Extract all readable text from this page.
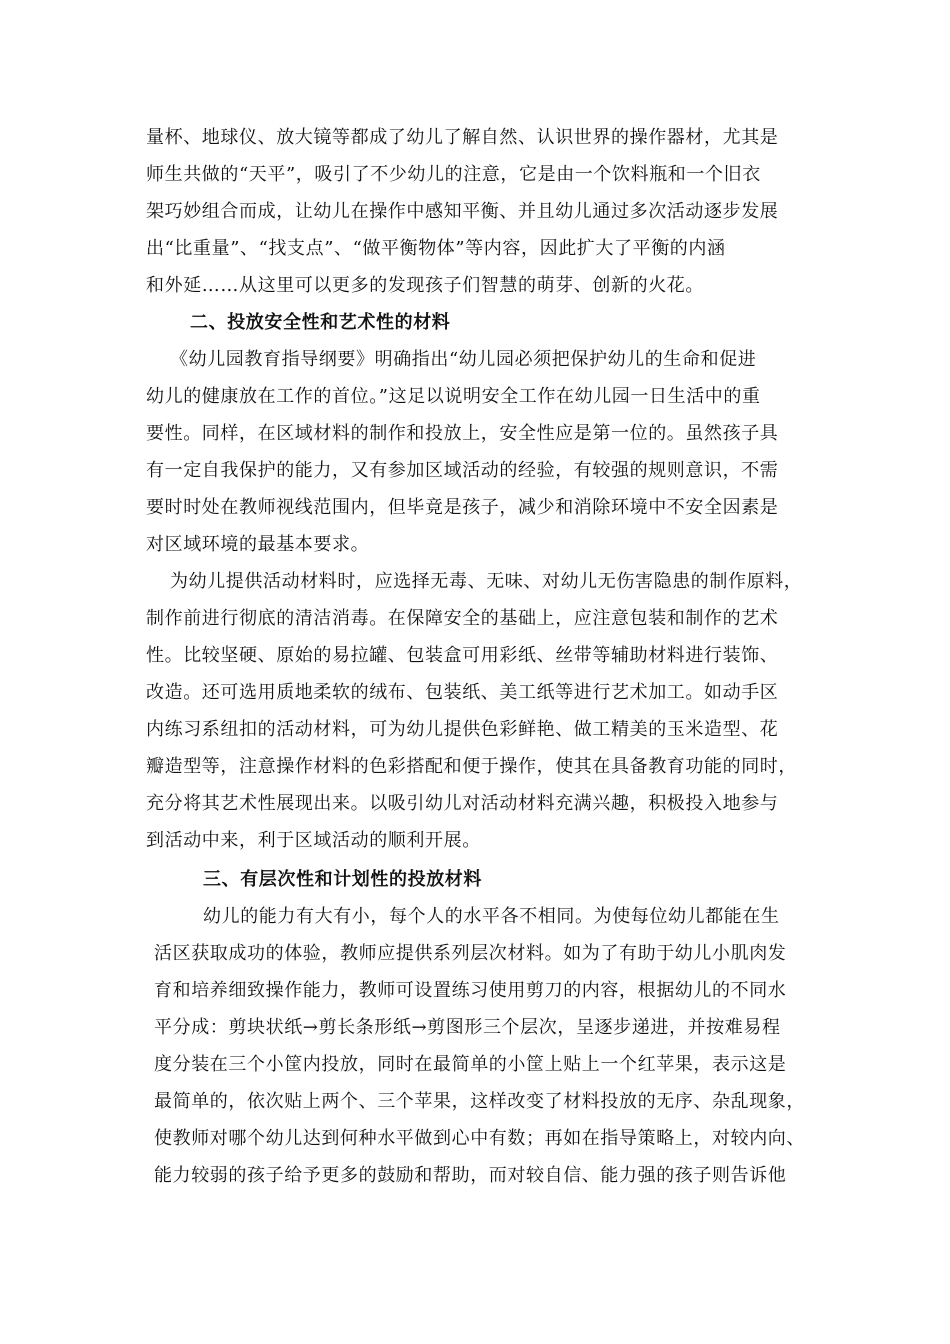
量杯、地球仪、放大镜等都成了幼儿了解自然、认识世界的操作器材，尤其是
师生共做的“天平”，吸引了不少幼儿的注意，它是由一个饮料瓶和一个旧衣
架巧妙组合而成，让幼儿在操作中感知平衡、并且幼儿通过多次活动逐步发展
出“比重量”、“找支点”、“做平衡物体”等内容，因此扩大了平衡的内涵
和外延……从这里可以更多的发现孩子们智慧的萌芽、创新的火花。
二、投放安全性和艺术性的材料
《幼儿园教育指导纲要》明确指出“幼儿园必须把保护幼儿的生命和促进
幼儿的健康放在工作的首位。”这足以说明安全工作在幼儿园一日生活中的重
要性。同样，在区域材料的制作和投放上，安全性应是第一位的。虽然孩子具
有一定自我保护的能力，又有参加区域活动的经验，有较强的规则意识，不需
要时时处在教师视线范围内，但毕竟是孩子，减少和消除环境中不安全因素是
对区域环境的最基本要求。
为幼儿提供活动材料时，应选择无毒、无味、对幼儿无伤害隐患的制作原料，
制作前进行彻底的清洁消毒。在保障安全的基础上，应注意包装和制作的艺术
性。比较坚硬、原始的易拉罐、包装盒可用彩纸、丝带等辅助材料进行装饰、
改造。还可选用质地柔软的绒布、包装纸、美工纸等进行艺术加工。如动手区
内练习系纽扣的活动材料，可为幼儿提供色彩鲜艳、做工精美的玉米造型、花
瓣造型等，注意操作材料的色彩搭配和便于操作，使其在具备教育功能的同时，
充分将其艺术性展现出来。以吸引幼儿对活动材料充满兴趣，积极投入地参与
到活动中来，利于区域活动的顺利开展。
三、有层次性和计划性的投放材料
幼儿的能力有大有小，每个人的水平各不相同。为使每位幼儿都能在生
活区获取成功的体验，教师应提供系列层次材料。如为了有助于幼儿小肌肉发
育和培养细致操作能力，教师可设置练习使用剪刀的内容，根据幼儿的不同水
平分成：剪块状纸→剪长条形纸→剪图形三个层次，呈逐步递进，并按难易程
度分装在三个小筐内投放，同时在最简单的小筐上贴上一个红苹果，表示这是
最简单的，依次贴上两个、三个苹果，这样改变了材料投放的无序、杂乱现象，
使教师对哪个幼儿达到何种水平做到心中有数；再如在指导策略上，对较内向、
能力较弱的孩子给予更多的鼓励和帮助，而对较自信、能力强的孩子则告诉他
